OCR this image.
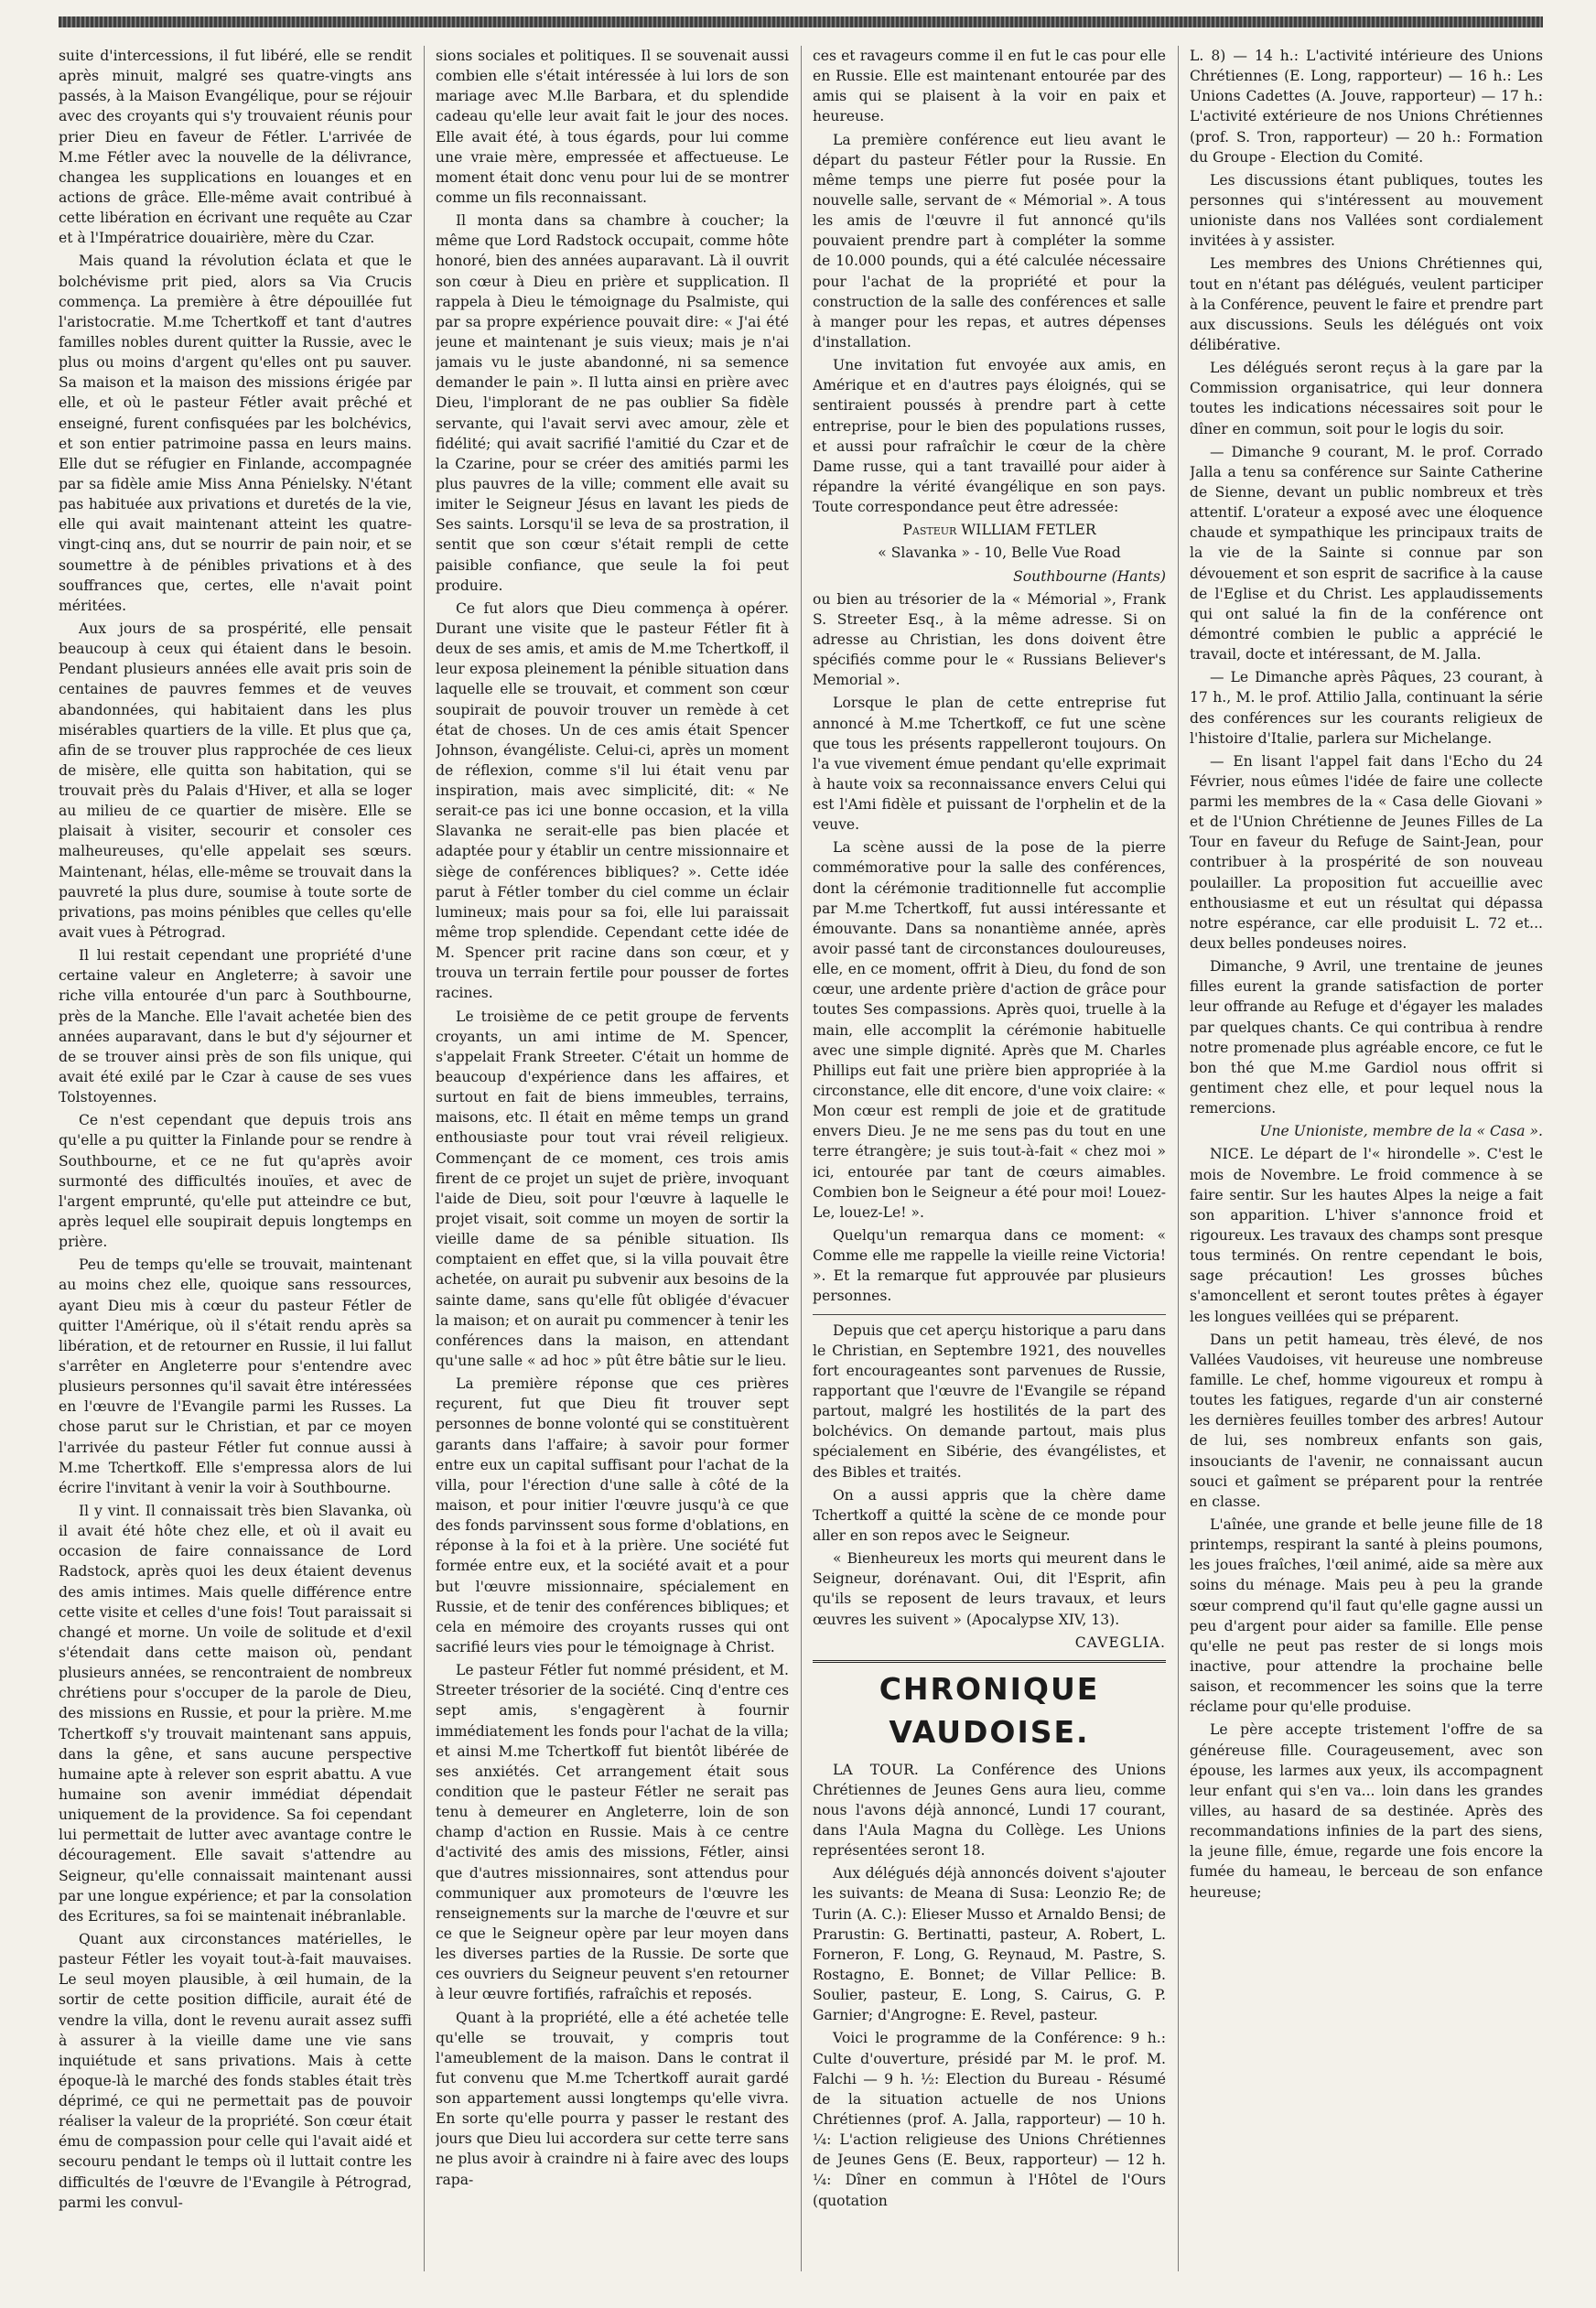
suite d'intercessions, il fut libéré, elle se rendit après minuit, malgré ses quatre-vingts ans passés, à la Maison Evangélique, pour se réjouir avec des croyants qui s'y trouvaient réunis pour prier Dieu en faveur de Fétler. L'arrivée de M.me Fétler avec la nouvelle de la délivrance, changea les supplications en louanges et en actions de grâce. Elle-même avait contribué à cette libération en écrivant une requête au Czar et à l'Impératrice douairière, mère du Czar.

Mais quand la révolution éclata et que le bolchévisme prit pied, alors sa Via Crucis commença. La première à être dépouillée fut l'aristocratie. M.me Tchertkoff et tant d'autres familles nobles durent quitter la Russie, avec le plus ou moins d'argent qu'elles ont pu sauver. Sa maison et la maison des missions érigée par elle, et où le pasteur Fétler avait prêché et enseigné, furent confisquées par les bolchévics, et son entier patrimoine passa en leurs mains. Elle dut se réfugier en Finlande, accompagnée par sa fidèle amie Miss Anna Pénielsky. N'étant pas habituée aux privations et duretés de la vie, elle qui avait maintenant atteint les quatre-vingt-cinq ans, dut se nourrir de pain noir, et se soumettre à de pénibles privations et à des souffrances que, certes, elle n'avait point méritées.

Aux jours de sa prospérité, elle pensait beaucoup à ceux qui étaient dans le besoin. Pendant plusieurs années elle avait pris soin de centaines de pauvres femmes et de veuves abandonnées, qui habitaient dans les plus misérables quartiers de la ville. Et plus que ça, afin de se trouver plus rapprochée de ces lieux de misère, elle quitta son habitation, qui se trouvait près du Palais d'Hiver, et alla se loger au milieu de ce quartier de misère. Elle se plaisait à visiter, secourir et consoler ces malheureuses, qu'elle appelait ses sœurs. Maintenant, hélas, elle-même se trouvait dans la pauvreté la plus dure, soumise à toute sorte de privations, pas moins pénibles que celles qu'elle avait vues à Pétrograd.

Il lui restait cependant une propriété d'une certaine valeur en Angleterre; à savoir une riche villa entourée d'un parc à Southbourne, près de la Manche. Elle l'avait achetée bien des années auparavant, dans le but d'y séjourner et de se trouver ainsi près de son fils unique, qui avait été exilé par le Czar à cause de ses vues Tolstoyennes.

Ce n'est cependant que depuis trois ans qu'elle a pu quitter la Finlande pour se rendre à Southbourne, et ce ne fut qu'après avoir surmonté des difficultés inouïes, et avec de l'argent emprunté, qu'elle put atteindre ce but, après lequel elle soupirait depuis longtemps en prière.

Peu de temps qu'elle se trouvait, maintenant au moins chez elle, quoique sans ressources, ayant Dieu mis à cœur du pasteur Fétler de quitter l'Amérique, où il s'était rendu après sa libération, et de retourner en Russie, il lui fallut s'arrêter en Angleterre pour s'entendre avec plusieurs personnes qu'il savait être intéressées en l'œuvre de l'Evangile parmi les Russes. La chose parut sur le Christian, et par ce moyen l'arrivée du pasteur Fétler fut connue aussi à M.me Tchertkoff. Elle s'empressa alors de lui écrire l'invitant à venir la voir à Southbourne.

Il y vint. Il connaissait très bien Slavanka, où il avait été hôte chez elle, et où il avait eu occasion de faire connaissance de Lord Radstock, après quoi les deux étaient devenus des amis intimes. Mais quelle différence entre cette visite et celles d'une fois! Tout paraissait si changé et morne. Un voile de solitude et d'exil s'étendait dans cette maison où, pendant plusieurs années, se rencontraient de nombreux chrétiens pour s'occuper de la parole de Dieu, des missions en Russie, et pour la prière. M.me Tchertkoff s'y trouvait maintenant sans appuis, dans la gêne, et sans aucune perspective humaine apte à relever son esprit abattu. A vue humaine son avenir immédiat dépendait uniquement de la providence. Sa foi cependant lui permettait de lutter avec avantage contre le découragement. Elle savait s'attendre au Seigneur, qu'elle connaissait maintenant aussi par une longue expérience; et par la consolation des Ecritures, sa foi se maintenait inébranlable.

Quant aux circonstances matérielles, le pasteur Fétler les voyait tout-à-fait mauvaises. Le seul moyen plausible, à œil humain, de la sortir de cette position difficile, aurait été de vendre la villa, dont le revenu aurait assez suffi à assurer à la vieille dame une vie sans inquiétude et sans privations. Mais à cette époque-là le marché des fonds stables était très déprimé, ce qui ne permettait pas de pouvoir réaliser la valeur de la propriété. Son cœur était ému de compassion pour celle qui l'avait aidé et secouru pendant le temps où il luttait contre les difficultés de l'œuvre de l'Evangile à Pétrograd, parmi les convul-

sions sociales et politiques. Il se souvenait aussi combien elle s'était intéressée à lui lors de son mariage avec M.lle Barbara, et du splendide cadeau qu'elle leur avait fait le jour des noces. Elle avait été, à tous égards, pour lui comme une vraie mère, empressée et affectueuse. Le moment était donc venu pour lui de se montrer comme un fils reconnaissant.

Il monta dans sa chambre à coucher; la même que Lord Radstock occupait, comme hôte honoré, bien des années auparavant. Là il ouvrit son cœur à Dieu en prière et supplication. Il rappela à Dieu le témoignage du Psalmiste, qui par sa propre expérience pouvait dire: « J'ai été jeune et maintenant je suis vieux; mais je n'ai jamais vu le juste abandonné, ni sa semence demander le pain ». Il lutta ainsi en prière avec Dieu, l'implorant de ne pas oublier Sa fidèle servante, qui l'avait servi avec amour, zèle et fidélité; qui avait sacrifié l'amitié du Czar et de la Czarine, pour se créer des amitiés parmi les plus pauvres de la ville; comment elle avait su imiter le Seigneur Jésus en lavant les pieds de Ses saints. Lorsqu'il se leva de sa prostration, il sentit que son cœur s'était rempli de cette paisible confiance, que seule la foi peut produire.

Ce fut alors que Dieu commença à opérer. Durant une visite que le pasteur Fétler fit à deux de ses amis, et amis de M.me Tchertkoff, il leur exposa pleinement la pénible situation dans laquelle elle se trouvait, et comment son cœur soupirait de pouvoir trouver un remède à cet état de choses. Un de ces amis était Spencer Johnson, évangéliste. Celui-ci, après un moment de réflexion, comme s'il lui était venu par inspiration, mais avec simplicité, dit: « Ne serait-ce pas ici une bonne occasion, et la villa Slavanka ne serait-elle pas bien placée et adaptée pour y établir un centre missionnaire et siège de conférences bibliques? ». Cette idée parut à Fétler tomber du ciel comme un éclair lumineux; mais pour sa foi, elle lui paraissait même trop splendide. Cependant cette idée de M. Spencer prit racine dans son cœur, et y trouva un terrain fertile pour pousser de fortes racines.

Le troisième de ce petit groupe de fervents croyants, un ami intime de M. Spencer, s'appelait Frank Streeter. C'était un homme de beaucoup d'expérience dans les affaires, et surtout en fait de biens immeubles, terrains, maisons, etc. Il était en même temps un grand enthousiaste pour tout vrai réveil religieux. Commençant de ce moment, ces trois amis firent de ce projet un sujet de prière, invoquant l'aide de Dieu, soit pour l'œuvre à laquelle le projet visait, soit comme un moyen de sortir la vieille dame de sa pénible situation. Ils comptaient en effet que, si la villa pouvait être achetée, on aurait pu subvenir aux besoins de la sainte dame, sans qu'elle fût obligée d'évacuer la maison; et on aurait pu commencer à tenir les conférences dans la maison, en attendant qu'une salle « ad hoc » pût être bâtie sur le lieu.

La première réponse que ces prières reçurent, fut que Dieu fit trouver sept personnes de bonne volonté qui se constituèrent garants dans l'affaire; à savoir pour former entre eux un capital suffisant pour l'achat de la villa, pour l'érection d'une salle à côté de la maison, et pour initier l'œuvre jusqu'à ce que des fonds parvinssent sous forme d'oblations, en réponse à la foi et à la prière. Une société fut formée entre eux, et la société avait et a pour but l'œuvre missionnaire, spécialement en Russie, et de tenir des conférences bibliques; et cela en mémoire des croyants russes qui ont sacrifié leurs vies pour le témoignage à Christ.

Le pasteur Fétler fut nommé président, et M. Streeter trésorier de la société. Cinq d'entre ces sept amis, s'engagèrent à fournir immédiatement les fonds pour l'achat de la villa; et ainsi M.me Tchertkoff fut bientôt libérée de ses anxiétés. Cet arrangement était sous condition que le pasteur Fétler ne serait pas tenu à demeurer en Angleterre, loin de son champ d'action en Russie. Mais à ce centre d'activité des amis des missions, Fétler, ainsi que d'autres missionnaires, sont attendus pour communiquer aux promoteurs de l'œuvre les renseignements sur la marche de l'œuvre et sur ce que le Seigneur opère par leur moyen dans les diverses parties de la Russie. De sorte que ces ouvriers du Seigneur peuvent s'en retourner à leur œuvre fortifiés, rafraîchis et reposés.

Quant à la propriété, elle a été achetée telle qu'elle se trouvait, y compris tout l'ameublement de la maison. Dans le contrat il fut convenu que M.me Tchertkoff aurait gardé son appartement aussi longtemps qu'elle vivra. En sorte qu'elle pourra y passer le restant des jours que Dieu lui accordera sur cette terre sans ne plus avoir à craindre ni à faire avec des loups rapa-

ces et ravageurs comme il en fut le cas pour elle en Russie. Elle est maintenant entourée par des amis qui se plaisent à la voir en paix et heureuse.

La première conférence eut lieu avant le départ du pasteur Fétler pour la Russie. En même temps une pierre fut posée pour la nouvelle salle, servant de « Mémorial ». A tous les amis de l'œuvre il fut annoncé qu'ils pouvaient prendre part à compléter la somme de 10.000 pounds, qui a été calculée nécessaire pour l'achat de la propriété et pour la construction de la salle des conférences et salle à manger pour les repas, et autres dépenses d'installation.

Une invitation fut envoyée aux amis, en Amérique et en d'autres pays éloignés, qui se sentiraient poussés à prendre part à cette entreprise, pour le bien des populations russes, et aussi pour rafraîchir le cœur de la chère Dame russe, qui a tant travaillé pour aider à répandre la vérité évangélique en son pays. Toute correspondance peut être adressée:

Pasteur WILLIAM FETLER

« Slavanka » - 10, Belle Vue Road

Southbourne (Hants)

ou bien au trésorier de la « Mémorial », Frank S. Streeter Esq., à la même adresse. Si on adresse au Christian, les dons doivent être spécifiés comme pour le « Russians Believer's Memorial ».

Lorsque le plan de cette entreprise fut annoncé à M.me Tchertkoff, ce fut une scène que tous les présents rappelleront toujours. On l'a vue vivement émue pendant qu'elle exprimait à haute voix sa reconnaissance envers Celui qui est l'Ami fidèle et puissant de l'orphelin et de la veuve.

La scène aussi de la pose de la pierre commémorative pour la salle des conférences, dont la cérémonie traditionnelle fut accomplie par M.me Tchertkoff, fut aussi intéressante et émouvante. Dans sa nonantième année, après avoir passé tant de circonstances douloureuses, elle, en ce moment, offrit à Dieu, du fond de son cœur, une ardente prière d'action de grâce pour toutes Ses compassions. Après quoi, truelle à la main, elle accomplit la cérémonie habituelle avec une simple dignité. Après que M. Charles Phillips eut fait une prière bien appropriée à la circonstance, elle dit encore, d'une voix claire: « Mon cœur est rempli de joie et de gratitude envers Dieu. Je ne me sens pas du tout en une terre étrangère; je suis tout-à-fait « chez moi » ici, entourée par tant de cœurs aimables. Combien bon le Seigneur a été pour moi! Louez-Le, louez-Le! ».

Quelqu'un remarqua dans ce moment: « Comme elle me rappelle la vieille reine Victoria! ». Et la remarque fut approuvée par plusieurs personnes.

Depuis que cet aperçu historique a paru dans le Christian, en Septembre 1921, des nouvelles fort encourageantes sont parvenues de Russie, rapportant que l'œuvre de l'Evangile se répand partout, malgré les hostilités de la part des bolchévics. On demande partout, mais plus spécialement en Sibérie, des évangélistes, et des Bibles et traités.

On a aussi appris que la chère dame Tchertkoff a quitté la scène de ce monde pour aller en son repos avec le Seigneur.

« Bienheureux les morts qui meurent dans le Seigneur, dorénavant. Oui, dit l'Esprit, afin qu'ils se reposent de leurs travaux, et leurs œuvres les suivent » (Apocalypse XIV, 13).

CAVEGLIA.

CHRONIQUE VAUDOISE.

LA TOUR. La Conférence des Unions Chrétiennes de Jeunes Gens aura lieu, comme nous l'avons déjà annoncé, Lundi 17 courant, dans l'Aula Magna du Collège. Les Unions représentées seront 18.

Aux délégués déjà annoncés doivent s'ajouter les suivants: de Meana di Susa: Leonzio Re; de Turin (A. C.): Elieser Musso et Arnaldo Bensi; de Prarustin: G. Bertinatti, pasteur, A. Robert, L. Forneron, F. Long, G. Reynaud, M. Pastre, S. Rostagno, E. Bonnet; de Villar Pellice: B. Soulier, pasteur, E. Long, S. Cairus, G. P. Garnier; d'Angrogne: E. Revel, pasteur.

Voici le programme de la Conférence: 9 h.: Culte d'ouverture, présidé par M. le prof. M. Falchi — 9 h. ½: Election du Bureau - Résumé de la situation actuelle de nos Unions Chrétiennes (prof. A. Jalla, rapporteur) — 10 h. ¼: L'action religieuse des Unions Chrétiennes de Jeunes Gens (E. Beux, rapporteur) — 12 h. ¼: Dîner en commun à l'Hôtel de l'Ours (quotation

L. 8) — 14 h.: L'activité intérieure des Unions Chrétiennes (E. Long, rapporteur) — 16 h.: Les Unions Cadettes (A. Jouve, rapporteur) — 17 h.: L'activité extérieure de nos Unions Chrétiennes (prof. S. Tron, rapporteur) — 20 h.: Formation du Groupe - Election du Comité.

Les discussions étant publiques, toutes les personnes qui s'intéressent au mouvement unioniste dans nos Vallées sont cordialement invitées à y assister.

Les membres des Unions Chrétiennes qui, tout en n'étant pas délégués, veulent participer à la Conférence, peuvent le faire et prendre part aux discussions. Seuls les délégués ont voix délibérative.

Les délégués seront reçus à la gare par la Commission organisatrice, qui leur donnera toutes les indications nécessaires soit pour le dîner en commun, soit pour le logis du soir.

— Dimanche 9 courant, M. le prof. Corrado Jalla a tenu sa conférence sur Sainte Catherine de Sienne, devant un public nombreux et très attentif. L'orateur a exposé avec une éloquence chaude et sympathique les principaux traits de la vie de la Sainte si connue par son dévouement et son esprit de sacrifice à la cause de l'Eglise et du Christ. Les applaudissements qui ont salué la fin de la conférence ont démontré combien le public a apprécié le travail, docte et intéressant, de M. Jalla.

— Le Dimanche après Pâques, 23 courant, à 17 h., M. le prof. Attilio Jalla, continuant la série des conférences sur les courants religieux de l'histoire d'Italie, parlera sur Michelange.

— En lisant l'appel fait dans l'Echo du 24 Février, nous eûmes l'idée de faire une collecte parmi les membres de la « Casa delle Giovani » et de l'Union Chrétienne de Jeunes Filles de La Tour en faveur du Refuge de Saint-Jean, pour contribuer à la prospérité de son nouveau poulailler. La proposition fut accueillie avec enthousiasme et eut un résultat qui dépassa notre espérance, car elle produisit L. 72 et... deux belles pondeuses noires.

Dimanche, 9 Avril, une trentaine de jeunes filles eurent la grande satisfaction de porter leur offrande au Refuge et d'égayer les malades par quelques chants. Ce qui contribua à rendre notre promenade plus agréable encore, ce fut le bon thé que M.me Gardiol nous offrit si gentiment chez elle, et pour lequel nous la remercions.

Une Unioniste, membre de la « Casa ».

NICE. Le départ de l'« hirondelle ». C'est le mois de Novembre. Le froid commence à se faire sentir. Sur les hautes Alpes la neige a fait son apparition. L'hiver s'annonce froid et rigoureux. Les travaux des champs sont presque tous terminés. On rentre cependant le bois, sage précaution! Les grosses bûches s'amoncellent et seront toutes prêtes à égayer les longues veillées qui se préparent.

Dans un petit hameau, très élevé, de nos Vallées Vaudoises, vit heureuse une nombreuse famille. Le chef, homme vigoureux et rompu à toutes les fatigues, regarde d'un air consterné les dernières feuilles tomber des arbres! Autour de lui, ses nombreux enfants son gais, insouciants de l'avenir, ne connaissant aucun souci et gaîment se préparent pour la rentrée en classe.

L'aînée, une grande et belle jeune fille de 18 printemps, respirant la santé à pleins poumons, les joues fraîches, l'œil animé, aide sa mère aux soins du ménage. Mais peu à peu la grande sœur comprend qu'il faut qu'elle gagne aussi un peu d'argent pour aider sa famille. Elle pense qu'elle ne peut pas rester de si longs mois inactive, pour attendre la prochaine belle saison, et recommencer les soins que la terre réclame pour qu'elle produise.

Le père accepte tristement l'offre de sa généreuse fille. Courageusement, avec son épouse, les larmes aux yeux, ils accompagnent leur enfant qui s'en va... loin dans les grandes villes, au hasard de sa destinée. Après des recommandations infinies de la part des siens, la jeune fille, émue, regarde une fois encore la fumée du hameau, le berceau de son enfance heureuse;
